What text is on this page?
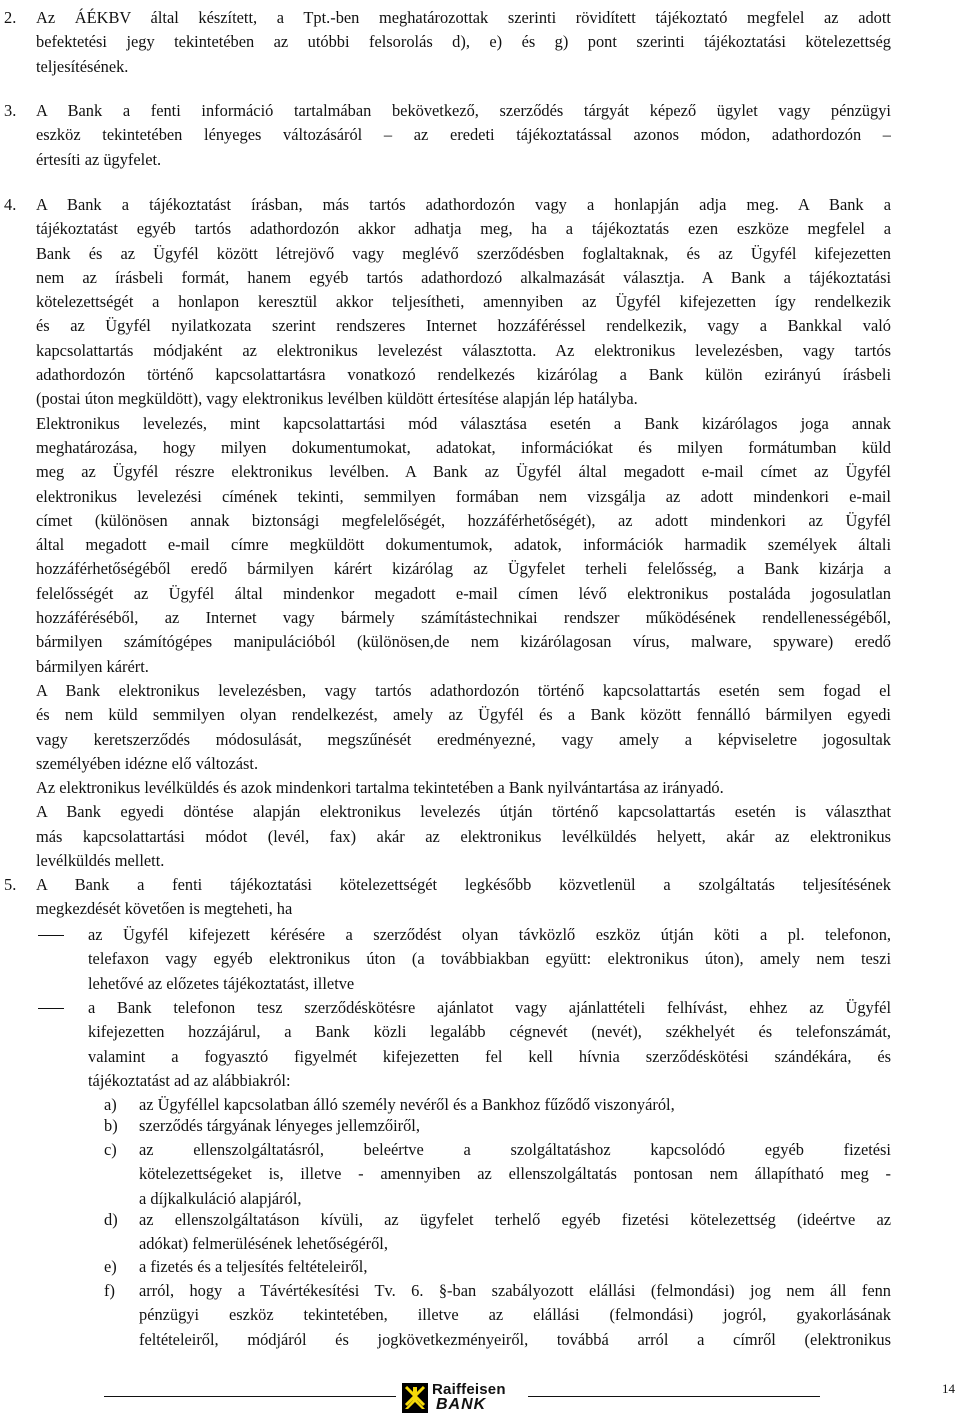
2. Az ÁÉKBV által készített, a Tpt.-ben meghatározottak szerinti rövidített tájékoztató megfelel az adott
befektetési jegy tekintetében az utóbbi felsorolás d), e) és g) pont szerinti tájékoztatási kötelezettség
teljesítésének.
3. A Bank a fenti információ tartalmában bekövetkező, szerződés tárgyát képező ügylet vagy pénzügyi
eszköz tekintetében lényeges változásáról – az eredeti tájékoztatással azonos módon, adathordozón –
értesíti az ügyfelet.
4. A Bank a tájékoztatást írásban, más tartós adathordozón vagy a honlapján adja meg. A Bank a
tájékoztatást egyéb tartós adathordozón akkor adhatja meg, ha a tájékoztatás ezen eszköze megfelel a
Bank és az Ügyfél között létrejövő vagy meglévő szerződésben foglaltaknak, és az Ügyfél kifejezetten
nem az írásbeli formát, hanem egyéb tartós adathordozó alkalmazását választja. A Bank a tájékoztatási
kötelezettségét a honlapon keresztül akkor teljesítheti, amennyiben az Ügyfél kifejezetten így rendelkezik
és az Ügyfél nyilatkozata szerint rendszeres Internet hozzáféréssel rendelkezik, vagy a Bankkal való
kapcsolattartás módjaként az elektronikus levelezést választotta. Az elektronikus levelezésben, vagy tartós
adathordozón történő kapcsolattartásra vonatkozó rendelkezés kizárólag a Bank külön ezirányú írásbeli
(postai úton megküldött), vagy elektronikus levélben küldött értesítése alapján lép hatályba.
Elektronikus levelezés, mint kapcsolattartási mód választása esetén a Bank kizárólagos joga annak
meghatározása, hogy milyen dokumentumokat, adatokat, információkat és milyen formátumban küld
meg az Ügyfél részre elektronikus levélben. A Bank az Ügyfél által megadott e-mail címet az Ügyfél
elektronikus levelezési címének tekinti, semmilyen formában nem vizsgálja az adott mindenkori e-mail
címet (különösen annak biztonsági megfelelőségét, hozzáférhetőségét), az adott mindenkori az Ügyfél
által megadott e-mail címre megküldött dokumentumok, adatok, információk harmadik személyek általi
hozzáférhetőségéből eredő bármilyen kárért kizárólag az Ügyfelet terheli felelősség, a Bank kizárja a
felelősségét az Ügyfél által mindenkor megadott e-mail címen lévő elektronikus postaláda jogosulatlan
hozzáféréséből, az Internet vagy bármely számítástechnikai rendszer működésének rendellenességéből,
bármilyen számítógépes manipulációból (különösen,de nem kizárólagosan vírus, malware, spyware) eredő
bármilyen kárért.
A Bank elektronikus levelezésben, vagy tartós adathordozón történő kapcsolattartás esetén sem fogad el
és nem küld semmilyen olyan rendelkezést, amely az Ügyfél és a Bank között fennálló bármilyen egyedi
vagy keretszerződés módosulását, megszűnését eredményezné, vagy amely a képviseletre jogosultak
személyében idézne elő változást.
Az elektronikus levélküldés és azok mindenkori tartalma tekintetében a Bank nyilvántartása az irányadó.
A Bank egyedi döntése alapján elektronikus levelezés útján történő kapcsolattartás esetén is választhat
más kapcsolattartási módot (levél, fax) akár az elektronikus levélküldés helyett, akár az elektronikus
levélküldés mellett.
5. A Bank a fenti tájékoztatási kötelezettségét legkésőbb közvetlenül a szolgáltatás teljesítésének
megkezdését követően is megteheti, ha
az Ügyfél kifejezett kérésére a szerződést olyan távközlő eszköz útján köti a pl. telefonon,
telefaxon vagy egyéb elektronikus úton (a továbbiakban együtt: elektronikus úton), amely nem teszi
lehetővé az előzetes tájékoztatást, illetve
a Bank telefonon tesz szerződéskötésre ajánlatot vagy ajánlattételi felhívást, ehhez az Ügyfél
kifejezetten hozzájárul, a Bank közli legalább cégnevét (nevét), székhelyét és telefonszámát,
valamint a fogyasztó figyelmét kifejezetten fel kell hívnia szerződéskötési szándékára, és
tájékoztatást ad az alábbiakról:
a) az Ügyféllel kapcsolatban álló személy nevéről és a Bankhoz fűződő viszonyáról,
b) szerződés tárgyának lényeges jellemzőiről,
c) az ellenszolgáltatásról, beleértve a szolgáltatáshoz kapcsolódó egyéb fizetési
kötelezettségeket is, illetve - amennyiben az ellenszolgáltatás pontosan nem állapítható meg -
a díjkalkuláció alapjáról,
d) az ellenszolgáltatáson kívüli, az ügyfelet terhelő egyéb fizetési kötelezettség (ideértve az
adókat) felmerülésének lehetőségéről,
e) a fizetés és a teljesítés feltételeiről,
f) arról, hogy a Távértékesítési Tv. 6. §-ban szabályozott elállási (felmondási) jog nem áll fenn
pénzügyi eszköz tekintetében, illetve az elállási (felmondási) jogról, gyakorlásának
feltételeiről, módjáról és jogkövetkezményeiről, továbbá arról a címről (elektronikus
Raiffeisen
BANK
14
